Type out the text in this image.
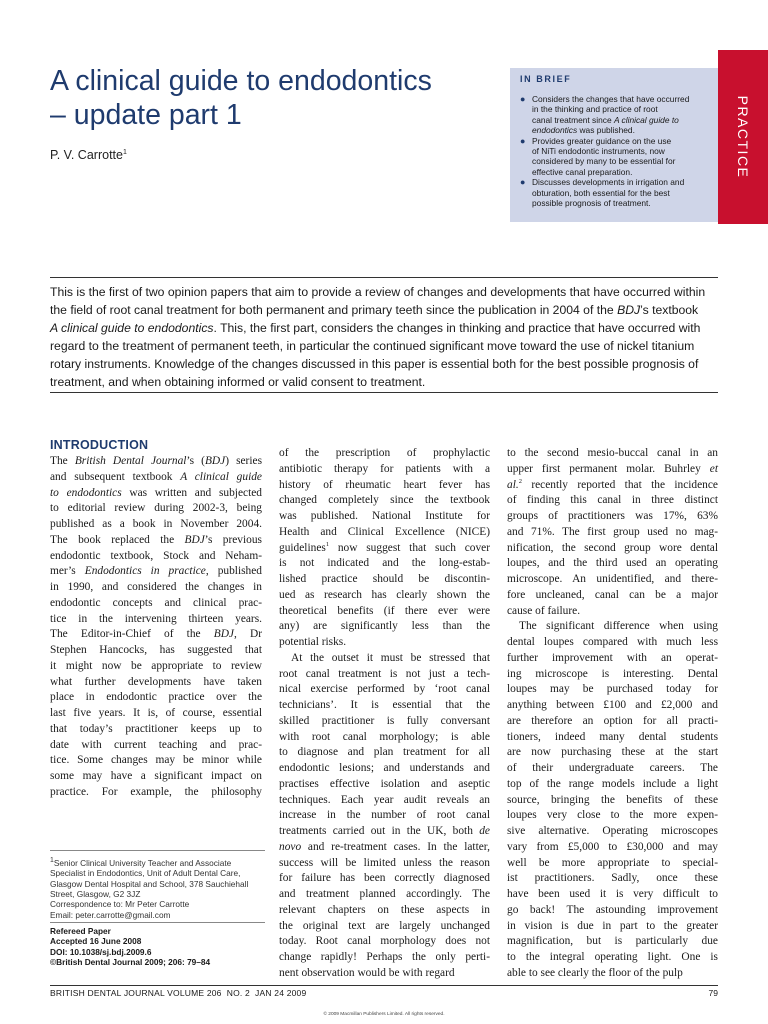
A clinical guide to endodontics
– update part 1
P. V. Carrotte$^1$
IN BRIEF
● Considers the changes that have occurred
in the thinking and practice of root
canal treatment since A clinical guide to
endodontics was published.
● Provides greater guidance on the use
of NiTi endodontic instruments, now
considered by many to be essential for
effective canal preparation.
● Discusses developments in irrigation and
obturation, both essential for the best
possible prognosis of treatment.
PRACTICE
This is the first of two opinion papers that aim to provide a review of changes and developments that have occurred within
the field of root canal treatment for both permanent and primary teeth since the publication in 2004 of the BDJ’s textbook
A clinical guide to endodontics. This, the first part, considers the changes in thinking and practice that have occurred with
regard to the treatment of permanent teeth, in particular the continued significant move toward the use of nickel titanium
rotary instruments. Knowledge of the changes discussed in this paper is essential both for the best possible prognosis of
treatment, and when obtaining informed or valid consent to treatment.
INTRODUCTION
The British Dental Journal’s (BDJ) series
and subsequent textbook A clinical guide
to endodontics was written and subjected
to editorial review during 2002-3, being
published as a book in November 2004.
The book replaced the BDJ’s previous
endodontic textbook, Stock and Neham-
mer’s Endodontics in practice, published
in 1990, and considered the changes in
endodontic concepts and clinical prac-
tice in the intervening thirteen years.
The Editor-in-Chief of the BDJ, Dr
Stephen Hancocks, has suggested that
it might now be appropriate to review
what further developments have taken
place in endodontic practice over the
last five years. It is, of course, essential
that today’s practitioner keeps up to
date with current teaching and prac-
tice. Some changes may be minor while
some may have a significant impact on
practice. For example, the philosophy
of the prescription of prophylactic
antibiotic therapy for patients with a
history of rheumatic heart fever has
changed completely since the textbook
was published. National Institute for
Health and Clinical Excellence (NICE)
guidelines$^1$ now suggest that such cover
is not indicated and the long-estab-
lished practice should be discontin-
ued as research has clearly shown the
theoretical benefits (if there ever were
any) are significantly less than the
potential risks.
At the outset it must be stressed that
root canal treatment is not just a tech-
nical exercise performed by ‘root canal
technicians’. It is essential that the
skilled practitioner is fully conversant
with root canal morphology; is able
to diagnose and plan treatment for all
endodontic lesions; and understands and
practises effective isolation and aseptic
techniques. Each year audit reveals an
increase in the number of root canal
treatments carried out in the UK, both de
novo and re-treatment cases. In the latter,
success will be limited unless the reason
for failure has been correctly diagnosed
and treatment planned accordingly. The
relevant chapters on these aspects in
the original text are largely unchanged
today. Root canal morphology does not
change rapidly! Perhaps the only perti-
nent observation would be with regard
to the second mesio-buccal canal in an
upper first permanent molar. Buhrley et
al.$^2$ recently reported that the incidence
of finding this canal in three distinct
groups of practitioners was 17%, 63%
and 71%. The first group used no mag-
nification, the second group wore dental
loupes, and the third used an operating
microscope. An unidentified, and there-
fore uncleaned, canal can be a major
cause of failure.
The significant difference when using
dental loupes compared with much less
further improvement with an operat-
ing microscope is interesting. Dental
loupes may be purchased today for
anything between £100 and £2,000 and
are therefore an option for all practi-
tioners, indeed many dental students
are now purchasing these at the start
of their undergraduate careers. The
top of the range models include a light
source, bringing the benefits of these
loupes very close to the more expen-
sive alternative. Operating microscopes
vary from £5,000 to £30,000 and may
well be more appropriate to special-
ist practitioners. Sadly, once these
have been used it is very difficult to
go back! The astounding improvement
in vision is due in part to the greater
magnification, but is particularly due
to the integral operating light. One is
able to see clearly the floor of the pulp
$^1$Senior Clinical University Teacher and Associate
Specialist in Endodontics, Unit of Adult Dental Care,
Glasgow Dental Hospital and School, 378 Sauchiehall
Street, Glasgow, G2 3JZ
Correspondence to: Mr Peter Carrotte
Email: peter.carrotte@gmail.com
Refereed Paper
Accepted 16 June 2008
DOI: 10.1038/sj.bdj.2009.6
©British Dental Journal 2009; 206: 79–84
BRITISH DENTAL JOURNAL VOLUME 206  NO. 2  JAN 24 2009	79
© 2009 Macmillan Publishers Limited. All rights reserved.
